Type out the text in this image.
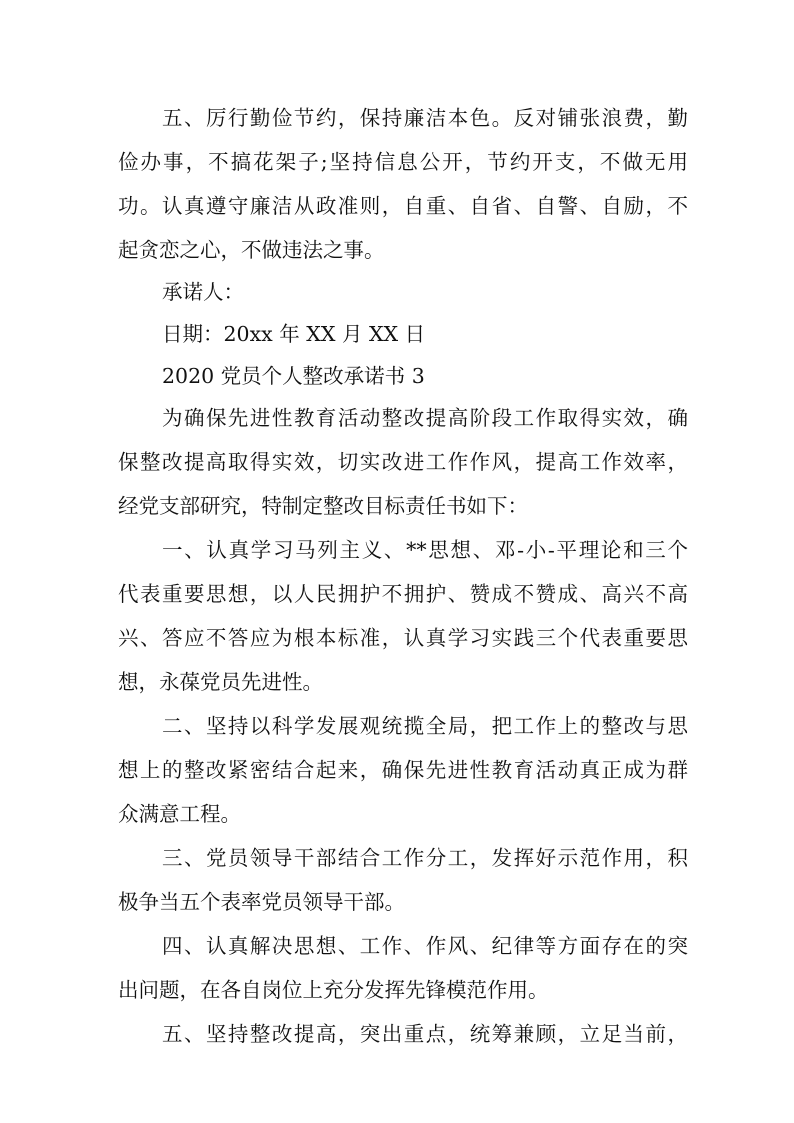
五、厉行勤俭节约，保持廉洁本色。反对铺张浪费，勤
俭办事，不搞花架子;坚持信息公开，节约开支，不做无用
功。认真遵守廉洁从政准则，自重、自省、自警、自励，不
起贪恋之心，不做违法之事。
承诺人：
日期：20xx 年 XX 月 XX 日
2020 党员个人整改承诺书 3
为确保先进性教育活动整改提高阶段工作取得实效，确
保整改提高取得实效，切实改进工作作风，提高工作效率，
经党支部研究，特制定整改目标责任书如下：
一、认真学习马列主义、**思想、邓-小-平理论和三个
代表重要思想，以人民拥护不拥护、赞成不赞成、高兴不高
兴、答应不答应为根本标准，认真学习实践三个代表重要思
想，永葆党员先进性。
二、坚持以科学发展观统揽全局，把工作上的整改与思
想上的整改紧密结合起来，确保先进性教育活动真正成为群
众满意工程。
三、党员领导干部结合工作分工，发挥好示范作用，积
极争当五个表率党员领导干部。
四、认真解决思想、工作、作风、纪律等方面存在的突
出问题，在各自岗位上充分发挥先锋模范作用。
五、坚持整改提高，突出重点，统筹兼顾，立足当前，
